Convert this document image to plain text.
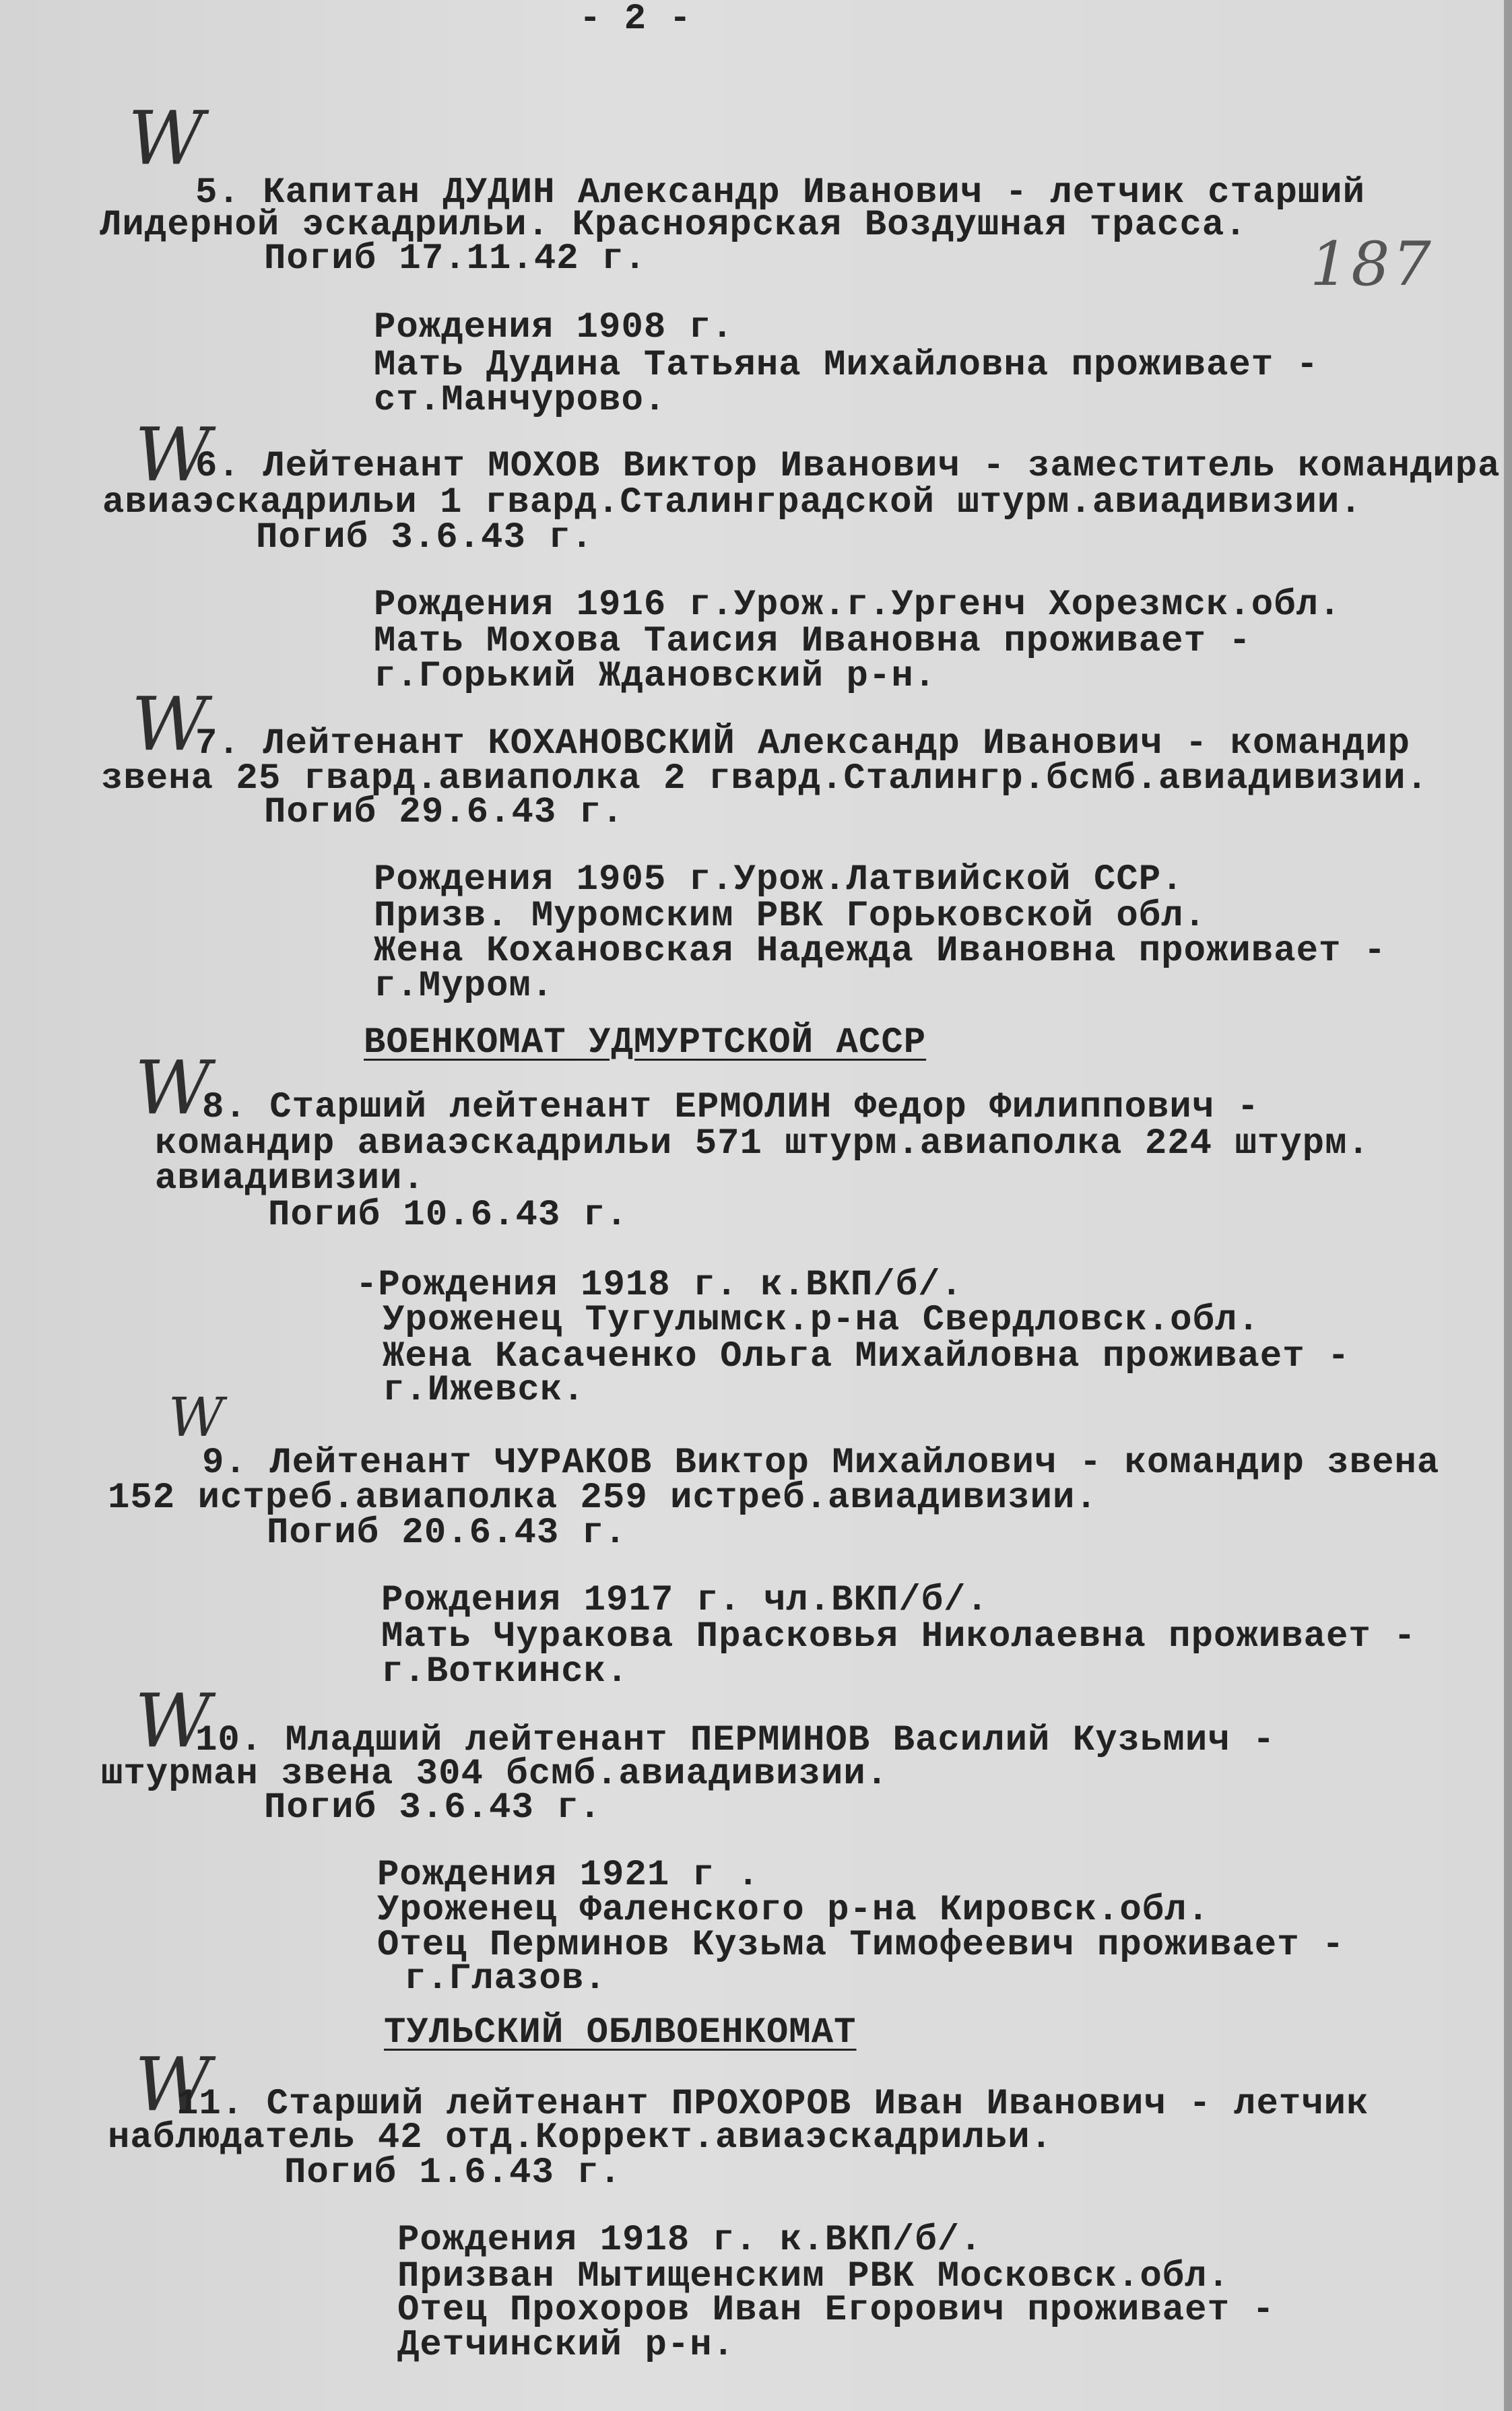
- 2 -
187
W
5. Капитан ДУДИН Александр Иванович - летчик старший
Лидерной эскадрильи. Красноярская Воздушная трасса.
Погиб 17.11.42 г.
Рождения 1908 г.
Мать Дудина Татьяна Михайловна проживает -
ст.Манчурово.
W
6. Лейтенант МОХОВ Виктор Иванович - заместитель командира
авиаэскадрильи 1 гвард.Сталинградской штурм.авиадивизии.
Погиб 3.6.43 г.
Рождения 1916 г.Урож.г.Ургенч Хорезмск.обл.
Мать Мохова Таисия Ивановна проживает -
г.Горький Ждановский р-н.
W
7. Лейтенант КОХАНОВСКИЙ Александр Иванович - командир
звена 25 гвард.авиаполка 2 гвард.Сталингр.бсмб.авиадивизии.
Погиб 29.6.43 г.
Рождения 1905 г.Урож.Латвийской ССР.
Призв. Муромским РВК Горьковской обл.
Жена Кохановская Надежда Ивановна проживает -
г.Муром.
ВОЕНКОМАТ УДМУРТСКОЙ АССР
W
8. Старший лейтенант ЕРМОЛИН Федор Филиппович -
командир авиаэскадрильи 571 штурм.авиаполка 224 штурм.
авиадивизии.
Погиб 10.6.43 г.
-Рождения 1918 г. к.ВКП/б/.
Уроженец Тугулымск.р-на Свердловск.обл.
Жена Касаченко Ольга Михайловна проживает -
г.Ижевск.
W
9. Лейтенант ЧУРАКОВ Виктор Михайлович - командир звена
152 истреб.авиаполка 259 истреб.авиадивизии.
Погиб 20.6.43 г.
Рождения 1917 г. чл.ВКП/б/.
Мать Чуракова Прасковья Николаевна проживает -
г.Воткинск.
W
10. Младший лейтенант ПЕРМИНОВ Василий Кузьмич -
штурман звена 304 бсмб.авиадивизии.
Погиб 3.6.43 г.
Рождения 1921 г .
Уроженец Фаленского р-на Кировск.обл.
Отец Перминов Кузьма Тимофеевич проживает -
г.Глазов.
ТУЛЬСКИЙ ОБЛВОЕНКОМАТ
W
11. Старший лейтенант ПРОХОРОВ Иван Иванович - летчик
наблюдатель 42 отд.Коррект.авиаэскадрильи.
Погиб 1.6.43 г.
Рождения 1918 г. к.ВКП/б/.
Призван Мытищенским РВК Московск.обл.
Отец Прохоров Иван Егорович проживает -
Детчинский р-н.
